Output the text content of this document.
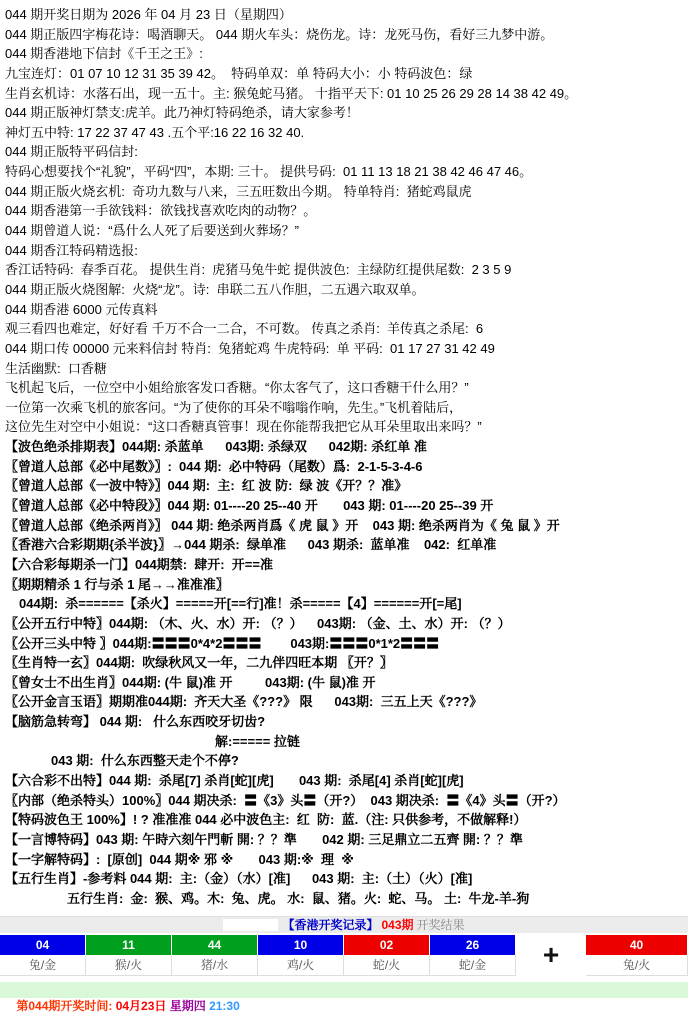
044 期开奖日期为 2026 年 04 月 23 日（星期四）
044 期正版四字梅花诗：喝酒聊天。 044 期火车头：烧伤龙。诗：龙死马伤，看好三九梦中游。
044 期香港地下信封《千王之王》:
九宝连灯：01 07 10 12 31 35 39 42。  特码单双：单 特码大小：小 特码波色：绿
生肖玄机诗：水落石出，现一五十。主: 猴兔蛇马猪。 十指平天下: 01 10 25 26 29 28 14 38 42 49。
044 期正版神灯禁支:虎羊。此乃神灯特码绝杀，请大家参考！
神灯五中特: 17 22 37 47 43 .五个平:16 22 16 32 40.
044 期正版特平码信封:
特码心想要找个“礼貌”，平码“四”，本期: 三十。 提供号码:  01 11 13 18 21 38 42 46 47 46。
044 期正版火烧玄机:  奇功九数与八来，三五旺数出今期。 特单特肖:  猪蛇鸡鼠虎
044 期香港第一手欲钱料：欲钱找喜欢吃肉的动物？。
044 期曾道人说：“爲什么人死了后要送到火葬场？”
044 期香江特码精选报:
香江话特码:  春季百花。 提供生肖:  虎猪马兔牛蛇 提供波色:  主绿防红提供尾数:  2 3 5 9
044 期正版火烧图解:  火烧“龙”。诗:  串联二五八作胆，二五遇六取双单。
044 期香港 6000 元传真料
观三看四也难定，好好看 千万不合一二合，不可数。 传真之杀肖:  羊传真之杀尾:  6
044 期口传 00000 元来料信封 特肖:  兔猪蛇鸡 牛虎特码:  单 平码:  01 17 27 31 42 49
生活幽默:  口香糖
飞机起飞后，一位空中小姐给旅客发口香糖。“你太客气了，这口香糖干什么用？”
一位第一次乘飞机的旅客问。“为了使你的耳朵不嗡嗡作响，先生。”飞机着陆后，
这位先生对空中小姐说：“这口香糖真管事！现在你能帮我把它从耳朵里取出来吗？”
【波色绝杀排期表】044期: 杀蓝单      043期: 杀绿双      042期: 杀红单 准
〖曾道人总部《必中尾数》〗:  044 期:  必中特码（尾数）爲:  2-1-5-3-4-6
〖曾道人总部《一波中特》〗044 期:  主:  红 波 防:  绿 波《开？？准》
〖曾道人总部《必中特段》〗044 期: 01----20 25--40 开       043 期: 01----20 25--39 开
〖曾道人总部《绝杀两肖》〗 044 期: 绝杀两肖爲《 虎 鼠 》开    043 期: 绝杀两肖为《 兔 鼠 》开
〖香港六合彩期期{杀半波}〗→044 期杀:  绿单准      043 期杀:  蓝单准    042:  红单准
【六合彩每期杀一门】044期禁:  肆开:  开==准
〖期期精杀 1 行与杀 1 尾→→准准准〗
044期:  杀======【杀火】=====开[==行]准！杀=====【4】======开[=尾]
〖公开五行中特〗044期: （木、火、水）开: （？）    043期: （金、土、水）开: （？）
〖公开三头中特 〗044期:〓〓〓0*4*2〓〓〓        043期:〓〓〓0*1*2〓〓〓
〖生肖特一玄〗044期:  吹绿秋风又一年，二九伴四旺本期 〖开？〗
〖曾女士不出生肖〗044期: (牛 鼠)准 开         043期: (牛 鼠)准 开
〖公开金言玉语〗期期准044期:  齐天大圣《???》 限      043期:  三五上天《???》
【脑筋急转弯】 044 期:   什么东西咬牙切齿?
解:===== 拉链
043 期:  什么东西整天走个不停?
【六合彩不出特】044 期:  杀尾[7] 杀肖[蛇][虎]       043 期:  杀尾[4] 杀肖[蛇][虎]
〖内部（绝杀特头）100%〗044 期决杀:  〓《3》头〓（开?）  043 期决杀:  〓《4》头〓（开?）
【特码波色王 100%】! ? 准准准 044 必中波色主:  红  防:  蓝.（注: 只供参考，不做解释!）
【一言博特码】043 期: 午時六刻午門斬 開: ？？準       042 期: 三足鼎立二五齊 開: ？？準
【一字解特码】:  [原创]  044 期※ 邪 ※       043 期:※  理  ※
【五行生肖】-参考料 044 期:  主:（金）（水）[准]      043 期:  主:（土）（火）[准]
五行生肖:  金:  猴、鸡。木:  兔、虎。 水:  鼠、猪。火:  蛇、马。 土:  牛龙-羊-狗
【香港开奖记录】 043期 开奖结果
04
兔/金
11
猴/火
44
猪/水
10
鸡/火
02
蛇/火
26
蛇/金	+	40
兔/火

第044期开奖时间: 04月23日 星期四 21:30
